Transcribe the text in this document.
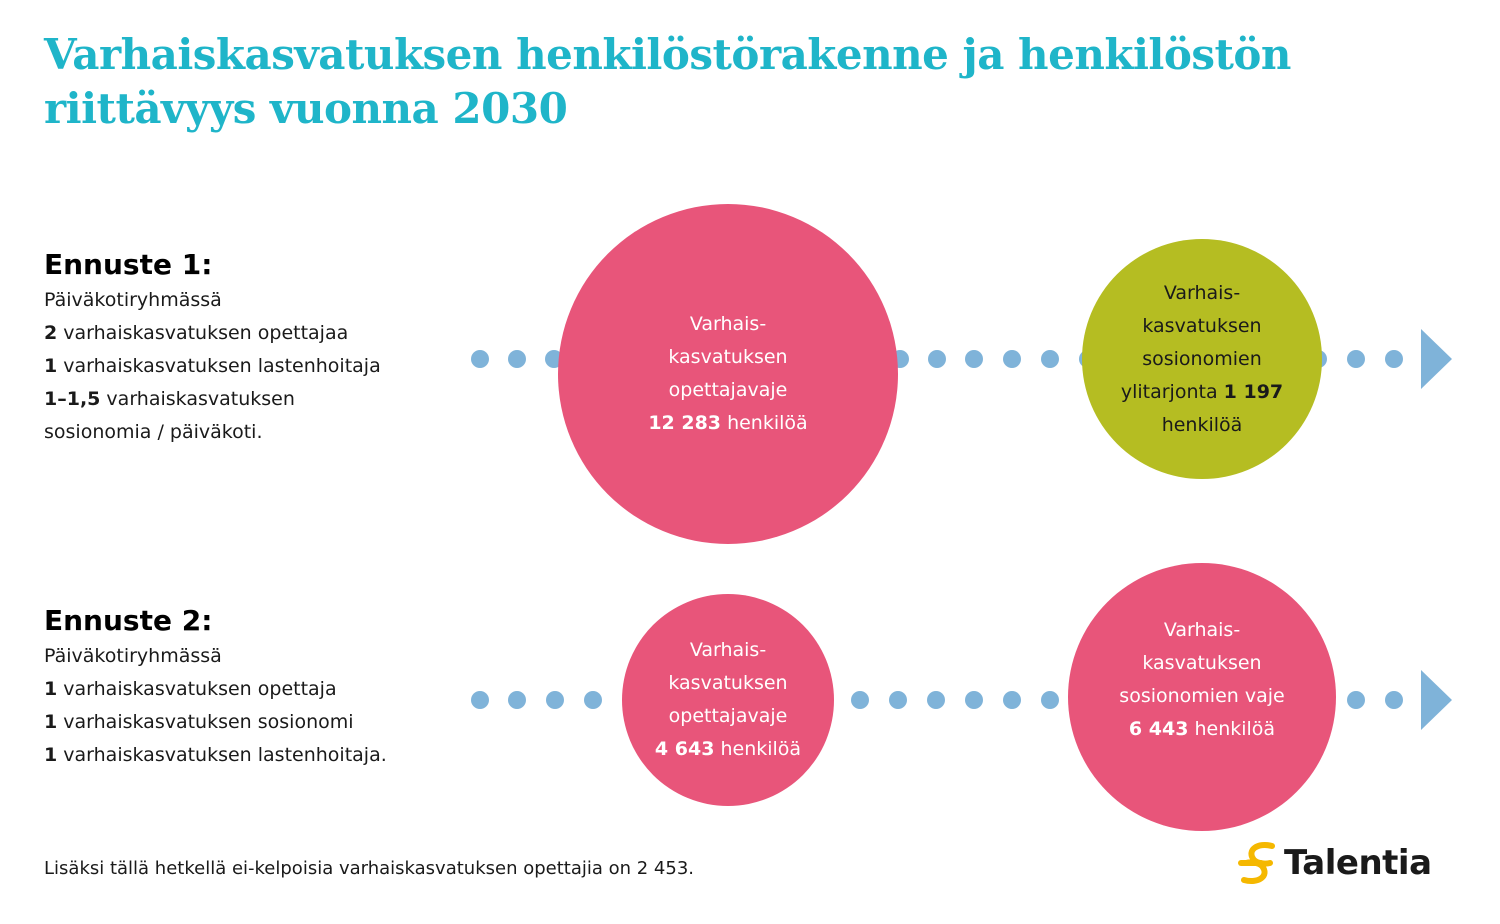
Varhaiskasvatuksen henkilöstörakenne ja henkilöstön
riittävyys vuonna 2030
Ennuste 1:
Päiväkotiryhmässä
2 varhaiskasvatuksen opettajaa
1 varhaiskasvatuksen lastenhoitaja
1–1,5 varhaiskasvatuksen
sosionomia / päiväkoti.
Ennuste 2:
Päiväkotiryhmässä
1 varhaiskasvatuksen opettaja
1 varhaiskasvatuksen sosionomi
1 varhaiskasvatuksen lastenhoitaja.
Varhais-
kasvatuksen
opettajavaje
12 283 henkilöä
Varhais-
kasvatuksen
sosionomien
ylitarjonta 1 197
henkilöä
Varhais-
kasvatuksen
opettajavaje
4 643 henkilöä
Varhais-
kasvatuksen
sosionomien vaje
6 443 henkilöä
Lisäksi tällä hetkellä ei-kelpoisia varhaiskasvatuksen opettajia on 2 453.	Talentia
